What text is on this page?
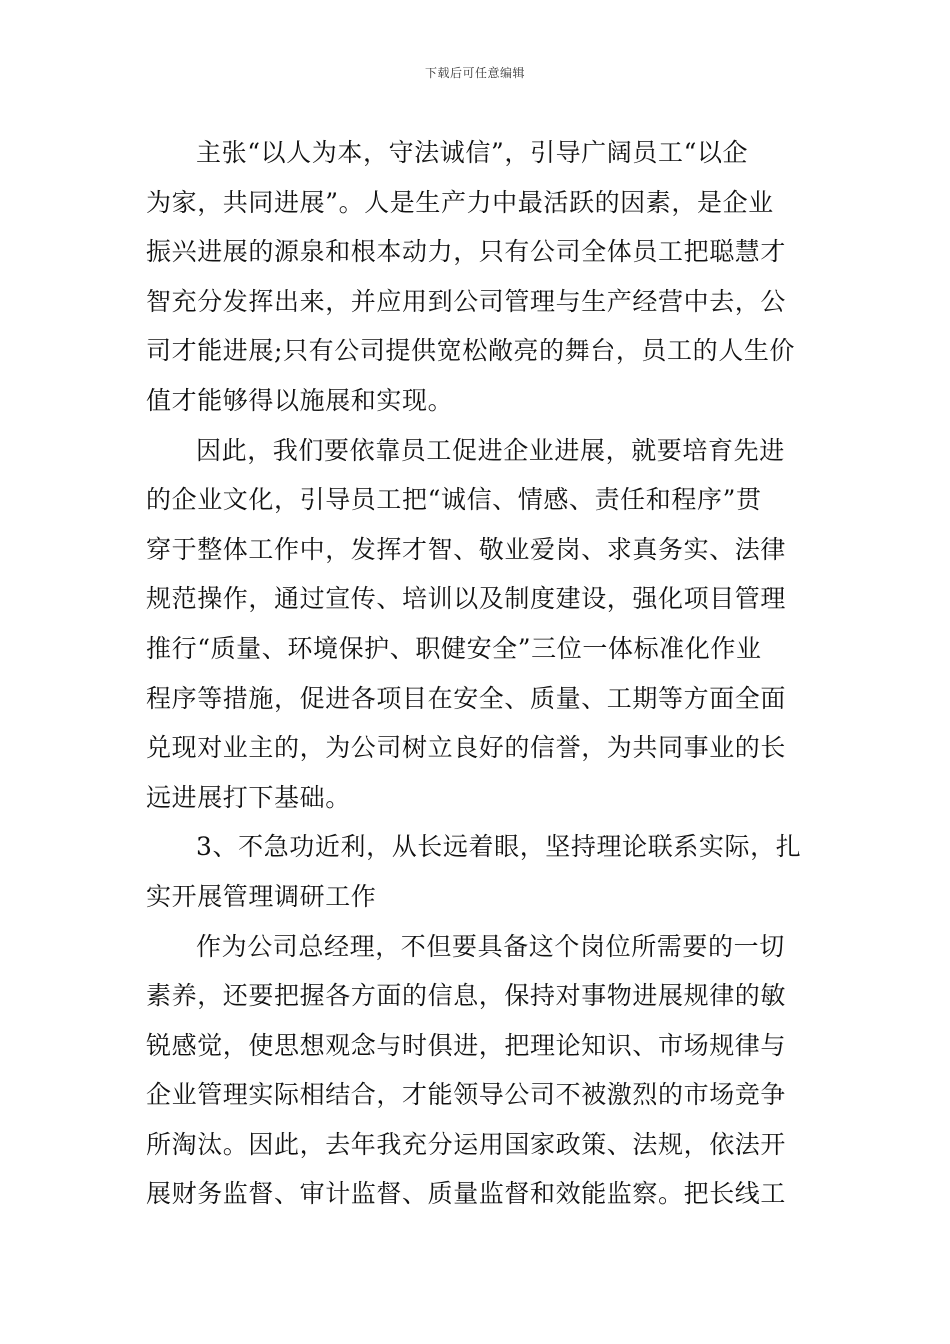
下载后可任意编辑
主张“以人为本，守法诚信”，引导广阔员工“以企
为家，共同进展”。人是生产力中最活跃的因素，是企业
振兴进展的源泉和根本动力，只有公司全体员工把聪慧才
智充分发挥出来，并应用到公司管理与生产经营中去，公
司才能进展;只有公司提供宽松敞亮的舞台，员工的人生价
值才能够得以施展和实现。
因此，我们要依靠员工促进企业进展，就要培育先进
的企业文化，引导员工把“诚信、情感、责任和程序”贯
穿于整体工作中，发挥才智、敬业爱岗、求真务实、法律
规范操作，通过宣传、培训以及制度建设，强化项目管理
推行“质量、环境保护、职健安全”三位一体标准化作业
程序等措施，促进各项目在安全、质量、工期等方面全面
兑现对业主的，为公司树立良好的信誉，为共同事业的长
远进展打下基础。
3、不急功近利，从长远着眼，坚持理论联系实际，扎
实开展管理调研工作
作为公司总经理，不但要具备这个岗位所需要的一切
素养，还要把握各方面的信息，保持对事物进展规律的敏
锐感觉，使思想观念与时俱进，把理论知识、市场规律与
企业管理实际相结合，才能领导公司不被激烈的市场竞争
所淘汰。因此，去年我充分运用国家政策、法规，依法开
展财务监督、审计监督、质量监督和效能监察。把长线工
